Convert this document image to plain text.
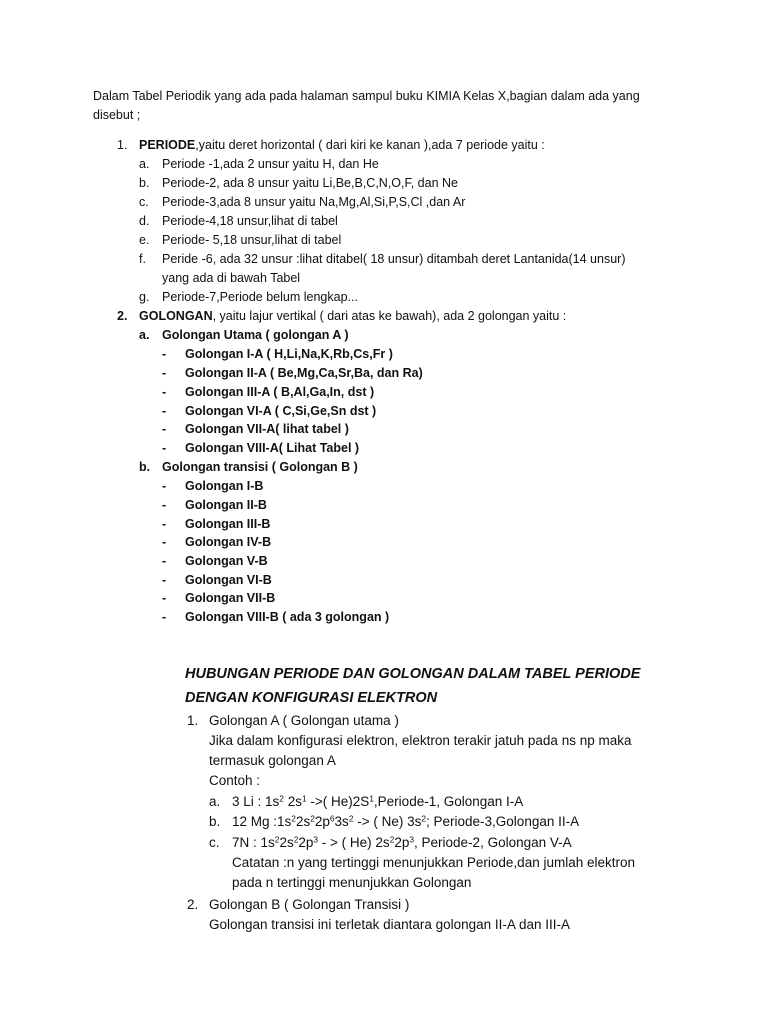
Dalam Tabel Periodik yang ada pada halaman sampul buku KIMIA Kelas X,bagian dalam ada yang
disebut ;
1. PERIODE,yaitu deret horizontal ( dari kiri ke kanan ),ada 7 periode yaitu :
a. Periode -1,ada 2 unsur yaitu H, dan He
b. Periode-2, ada 8 unsur yaitu Li,Be,B,C,N,O,F, dan Ne
c. Periode-3,ada 8 unsur yaitu Na,Mg,Al,Si,P,S,Cl ,dan Ar
d. Periode-4,18 unsur,lihat di tabel
e. Periode- 5,18 unsur,lihat di tabel
f. Peride -6, ada 32 unsur :lihat ditabel( 18 unsur) ditambah deret Lantanida(14 unsur)
yang ada di bawah Tabel
g. Periode-7,Periode belum lengkap...
2. GOLONGAN, yaitu lajur vertikal ( dari atas ke bawah), ada 2 golongan yaitu :
a. Golongan Utama ( golongan A )
- Golongan I-A ( H,Li,Na,K,Rb,Cs,Fr )
- Golongan II-A ( Be,Mg,Ca,Sr,Ba, dan Ra)
- Golongan III-A ( B,Al,Ga,In, dst )
- Golongan VI-A ( C,Si,Ge,Sn dst )
- Golongan VII-A( lihat tabel )
- Golongan VIII-A( Lihat Tabel )
b. Golongan transisi ( Golongan B )
- Golongan I-B
- Golongan II-B
- Golongan III-B
- Golongan IV-B
- Golongan V-B
- Golongan VI-B
- Golongan VII-B
- Golongan VIII-B ( ada 3 golongan )
HUBUNGAN PERIODE DAN GOLONGAN DALAM TABEL PERIODE
DENGAN KONFIGURASI ELEKTRON
1. Golongan A ( Golongan utama )
Jika dalam konfigurasi elektron, elektron terakir jatuh pada ns np maka
termasuk golongan A
Contoh :
a. 3 Li : $1s^2$ $2s^1$ ->( $He)2S^1,Periode-1$, Golongan I-A
b. 12 Mg $:1s^22s^22p^63s^2$ -> ( Ne) $3s^2$; Periode-3,Golongan II-A
c. 7N : $1s^22s^22p^3$ - > ( He) $2s^22p^3$, Periode-2, Golongan V-A
Catatan :n yang tertinggi menunjukkan Periode,dan jumlah elektron
pada n tertinggi menunjukkan Golongan
2. Golongan B ( Golongan Transisi )
Golongan transisi ini terletak diantara golongan II-A dan III-A
